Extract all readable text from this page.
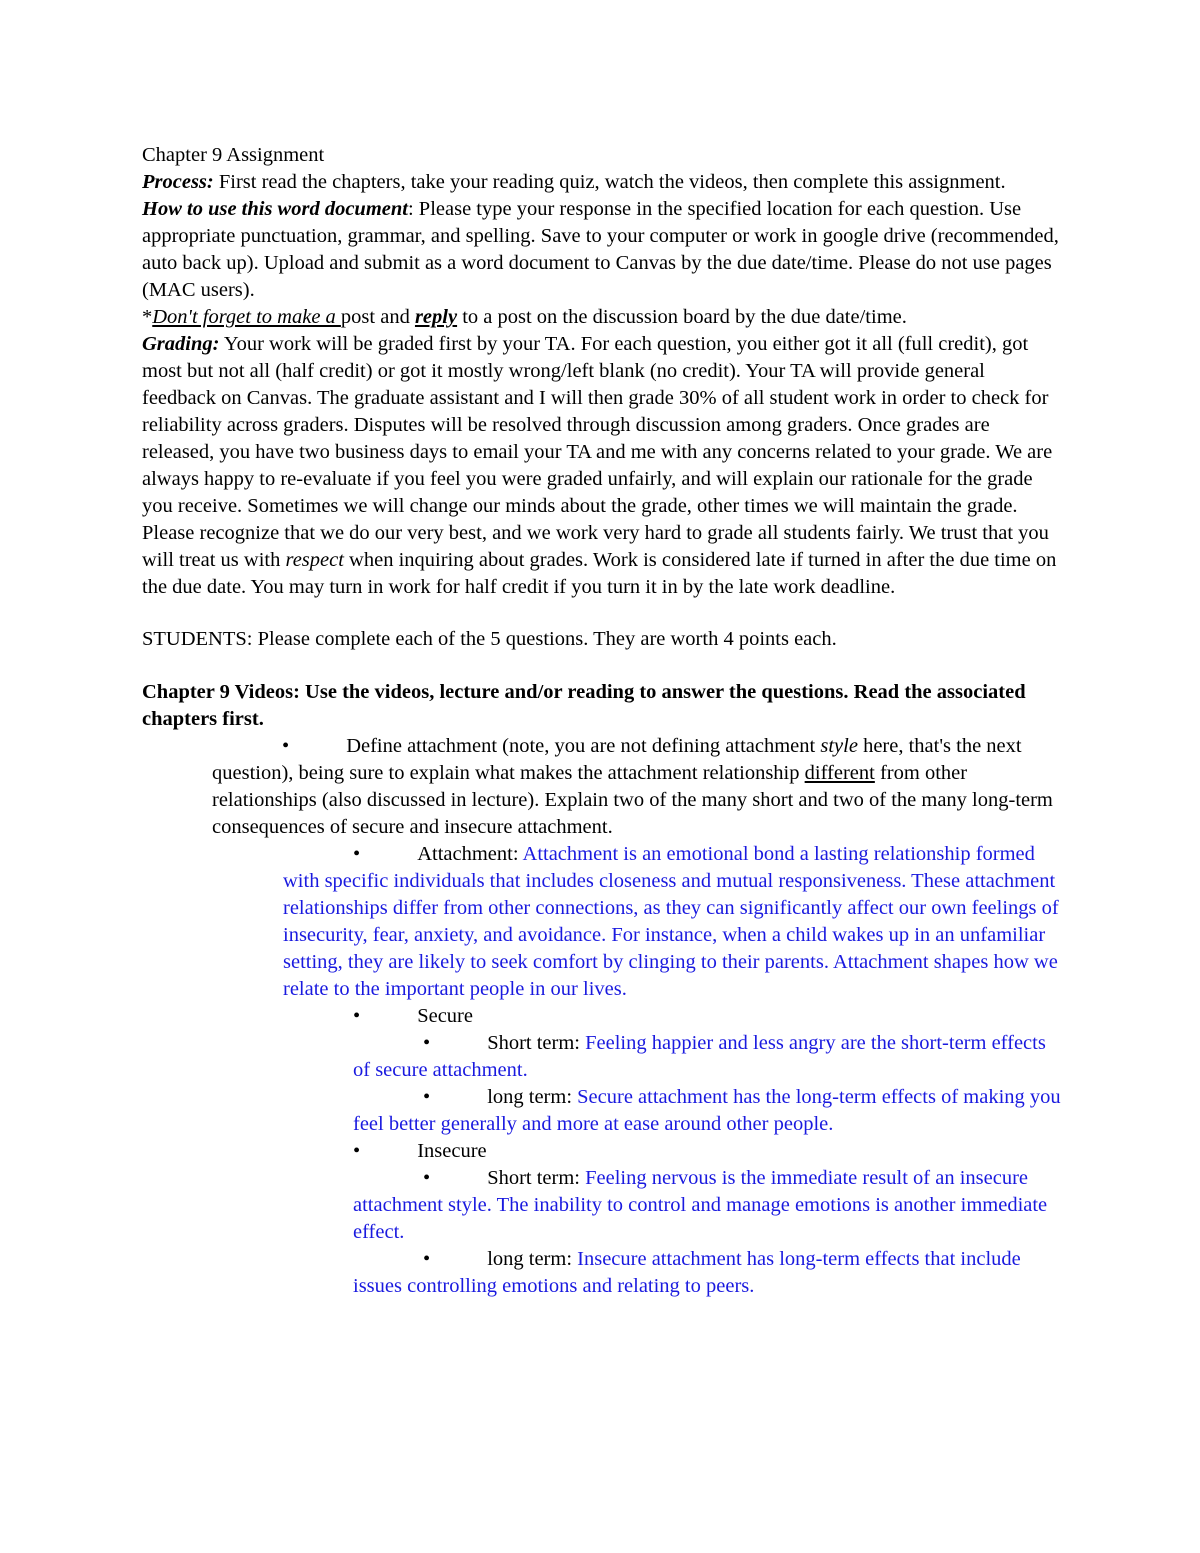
Chapter 9 Assignment

Process: First read the chapters, take your reading quiz, watch the videos, then complete this assignment.

How to use this word document: Please type your response in the specified location for each question. Use appropriate punctuation, grammar, and spelling. Save to your computer or work in google drive (recommended, auto back up). Upload and submit as a word document to Canvas by the due date/time. Please do not use pages (MAC users).

*Don't forget to make a post and reply to a post on the discussion board by the due date/time.

Grading: Your work will be graded first by your TA. For each question, you either got it all (full credit), got most but not all (half credit) or got it mostly wrong/left blank (no credit). Your TA will provide general feedback on Canvas. The graduate assistant and I will then grade 30% of all student work in order to check for reliability across graders. Disputes will be resolved through discussion among graders. Once grades are released, you have two business days to email your TA and me with any concerns related to your grade. We are always happy to re-evaluate if you feel you were graded unfairly, and will explain our rationale for the grade you receive. Sometimes we will change our minds about the grade, other times we will maintain the grade. Please recognize that we do our very best, and we work very hard to grade all students fairly. We trust that you will treat us with respect when inquiring about grades. Work is considered late if turned in after the due time on the due date. You may turn in work for half credit if you turn it in by the late work deadline.

STUDENTS: Please complete each of the 5 questions. They are worth 4 points each.

Chapter 9 Videos: Use the videos, lecture and/or reading to answer the questions. Read the associated chapters first.

•	Define attachment (note, you are not defining attachment style here, that's the next question), being sure to explain what makes the attachment relationship different from other relationships (also discussed in lecture). Explain two of the many short and two of the many long-term consequences of secure and insecure attachment.

•	Attachment: Attachment is an emotional bond a lasting relationship formed with specific individuals that includes closeness and mutual responsiveness. These attachment relationships differ from other connections, as they can significantly affect our own feelings of insecurity, fear, anxiety, and avoidance. For instance, when a child wakes up in an unfamiliar setting, they are likely to seek comfort by clinging to their parents. Attachment shapes how we relate to the important people in our lives.

•	Secure

•	Short term: Feeling happier and less angry are the short-term effects of secure attachment.

•	long term: Secure attachment has the long-term effects of making you feel better generally and more at ease around other people.

•	Insecure

•	Short term: Feeling nervous is the immediate result of an insecure attachment style. The inability to control and manage emotions is another immediate effect.

•	long term: Insecure attachment has long-term effects that include issues controlling emotions and relating to peers.
